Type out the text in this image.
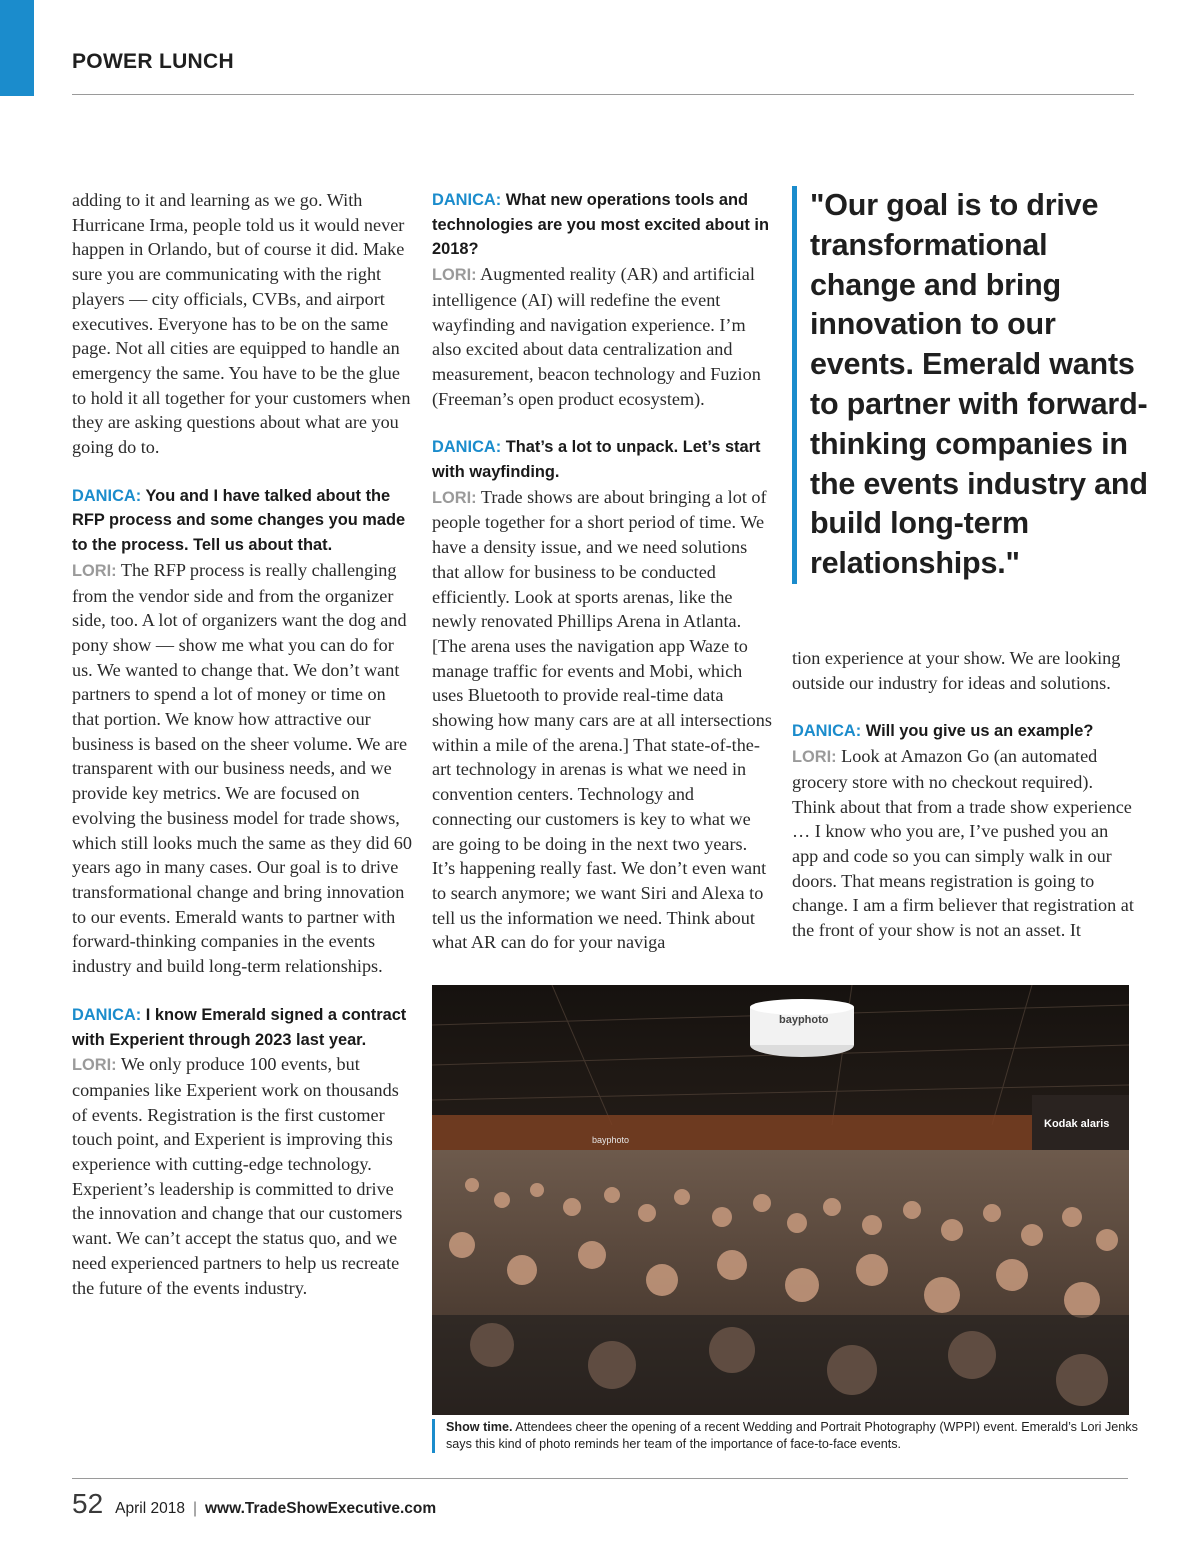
POWER LUNCH

adding to it and learning as we go. With Hurricane Irma, people told us it would never happen in Orlando, but of course it did. Make sure you are communicating with the right players — city officials, CVBs, and airport executives. Everyone has to be on the same page. Not all cities are equipped to handle an emergency the same. You have to be the glue to hold it all together for your customers when they are asking questions about what are you going do to.

DANICA: You and I have talked about the RFP process and some changes you made to the process. Tell us about that.

LORI: The RFP process is really challenging from the vendor side and from the organizer side, too. A lot of organizers want the dog and pony show — show me what you can do for us. We wanted to change that. We don’t want partners to spend a lot of money or time on that portion. We know how attractive our business is based on the sheer volume. We are transparent with our business needs, and we provide key metrics. We are focused on evolving the business model for trade shows, which still looks much the same as they did 60 years ago in many cases. Our goal is to drive transformational change and bring innovation to our events. Emerald wants to partner with forward-thinking companies in the events industry and build long-term relationships.

DANICA: I know Emerald signed a contract with Experient through 2023 last year.

LORI: We only produce 100 events, but companies like Experient work on thousands of events. Registration is the first customer touch point, and Experient is improving this experience with cutting-edge technology. Experient’s leadership is committed to drive the innovation and change that our customers want. We can’t accept the status quo, and we need experienced partners to help us recreate the future of the events industry.

DANICA: What new operations tools and technologies are you most excited about in 2018?

LORI: Augmented reality (AR) and artificial intelligence (AI) will redefine the event wayfinding and navigation experience. I’m also excited about data centralization and measurement, beacon technology and Fuzion (Freeman’s open product ecosystem).

DANICA: That’s a lot to unpack. Let’s start with wayfinding.

LORI: Trade shows are about bringing a lot of people together for a short period of time. We have a density issue, and we need solutions that allow for business to be conducted efficiently. Look at sports arenas, like the newly renovated Phillips Arena in Atlanta. [The arena uses the navigation app Waze to manage traffic for events and Mobi, which uses Bluetooth to provide real-time data showing how many cars are at all intersections within a mile of the arena.] That state-of-the-art technology in arenas is what we need in convention centers. Technology and connecting our customers is key to what we are going to be doing in the next two years. It’s happening really fast. We don’t even want to search anymore; we want Siri and Alexa to tell us the information we need. Think about what AR can do for your naviga

"Our goal is to drive transformational change and bring innovation to our events. Emerald wants to partner with forward-thinking companies in the events industry and build long-term relationships."

tion experience at your show. We are looking outside our industry for ideas and solutions.

DANICA: Will you give us an example?

LORI: Look at Amazon Go (an automated grocery store with no checkout required). Think about that from a trade show experience … I know who you are, I’ve pushed you an app and code so you can simply walk in our doors. That means registration is going to change. I am a firm believer that registration at the front of your show is not an asset. It

Kodak alaris
bayphoto
bayphoto
Show time. Attendees cheer the opening of a recent Wedding and Portrait Photography (WPPI) event. Emerald’s Lori Jenks says this kind of photo reminds her team of the importance of face-to-face events.
52 April 2018 | www.TradeShowExecutive.com
